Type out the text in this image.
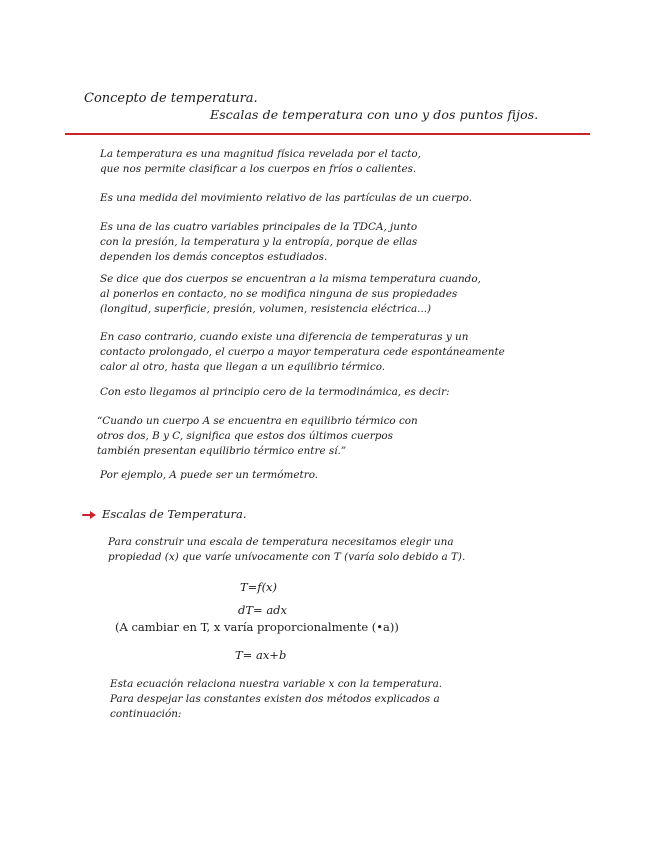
Concepto de temperatura.
Escalas de temperatura con uno y dos puntos fijos.
La temperatura es una magnitud física revelada por el tacto,
que nos permite clasificar a los cuerpos en fríos o calientes.
Es una medida del movimiento relativo de las partículas de un cuerpo.
Es una de las cuatro variables principales de la TDCA, junto
con la presión, la temperatura y la entropía, porque de ellas
dependen los demás conceptos estudiados.
Se dice que dos cuerpos se encuentran a la misma temperatura cuando,
al ponerlos en contacto, no se modifica ninguna de sus propiedades
(longitud, superficie, presión, volumen, resistencia eléctrica...)
En caso contrario, cuando existe una diferencia de temperaturas y un
contacto prolongado, el cuerpo a mayor temperatura cede espontáneamente
calor al otro, hasta que llegan a un equilibrio térmico.
Con esto llegamos al principio cero de la termodinámica, es decir:
“Cuando un cuerpo A se encuentra en equilibrio térmico con
otros dos, B y C, significa que estos dos últimos cuerpos
también presentan equilibrio térmico entre sí.”
Por ejemplo, A puede ser un termómetro.
Escalas de Temperatura.
Para construir una escala de temperatura necesitamos elegir una
propiedad (x) que varíe unívocamente con T (varía solo debido a T).
T=f(x)
dT= adx
(A cambiar en T, x varía proporcionalmente (•a))
T= ax+b
Esta ecuación relaciona nuestra variable x con la temperatura.
Para despejar las constantes existen dos métodos explicados a
continuación:
